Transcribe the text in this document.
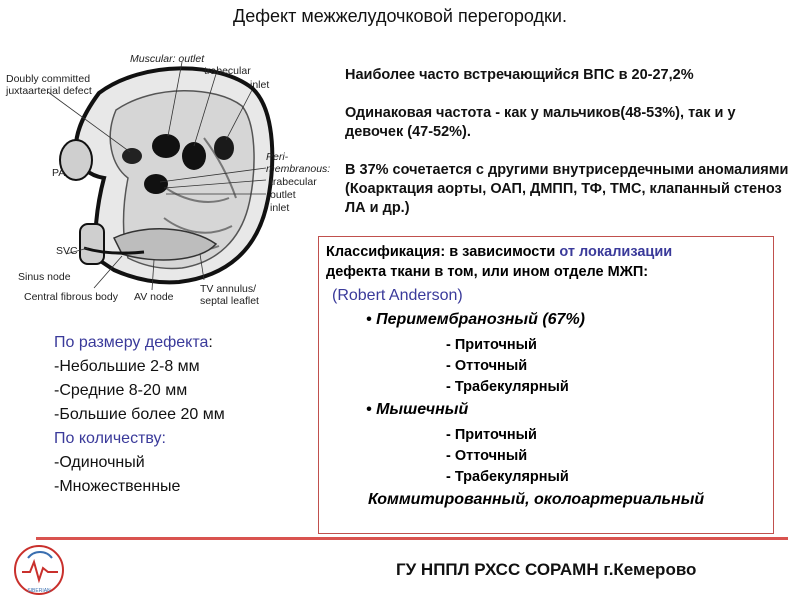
Дефект межжелудочковой перегородки.
Muscular: outlet
trabecular
inlet
Doubly committed
juxtaarterial defect
Peri-
membranous:
trabecular
outlet
inlet
PA
SVC
Sinus node
Central fibrous body AV node
TV annulus/
septal leaflet

Наиболее часто встречающийся ВПС в 20-27,2%

Одинаковая частота - как у мальчиков(48-53%), так и у девочек (47-52%).

В 37% сочетается с другими внутрисердечными аномалиями (Коарктация аорты, ОАП, ДМПП, ТФ, ТМС, клапанный стеноз ЛА и др.)

Классификация: в зависимости от локализации
дефекта ткани в том, или ином отделе МЖП:
(Robert Anderson)
• Перимембранозный (67%)
- Приточный
- Отточный
- Трабекулярный
• Мышечный
- Приточный
- Отточный
- Трабекулярный
Коммитированный, околоартериальный
По размеру дефекта:
-Небольшие 2-8 мм
-Средние 8-20 мм
-Большие более 20 мм
По количеству:
-Одиночный
-Множественные
SIBERIAN
ГУ НППЛ РХСС СОРАМН г.Кемерово
